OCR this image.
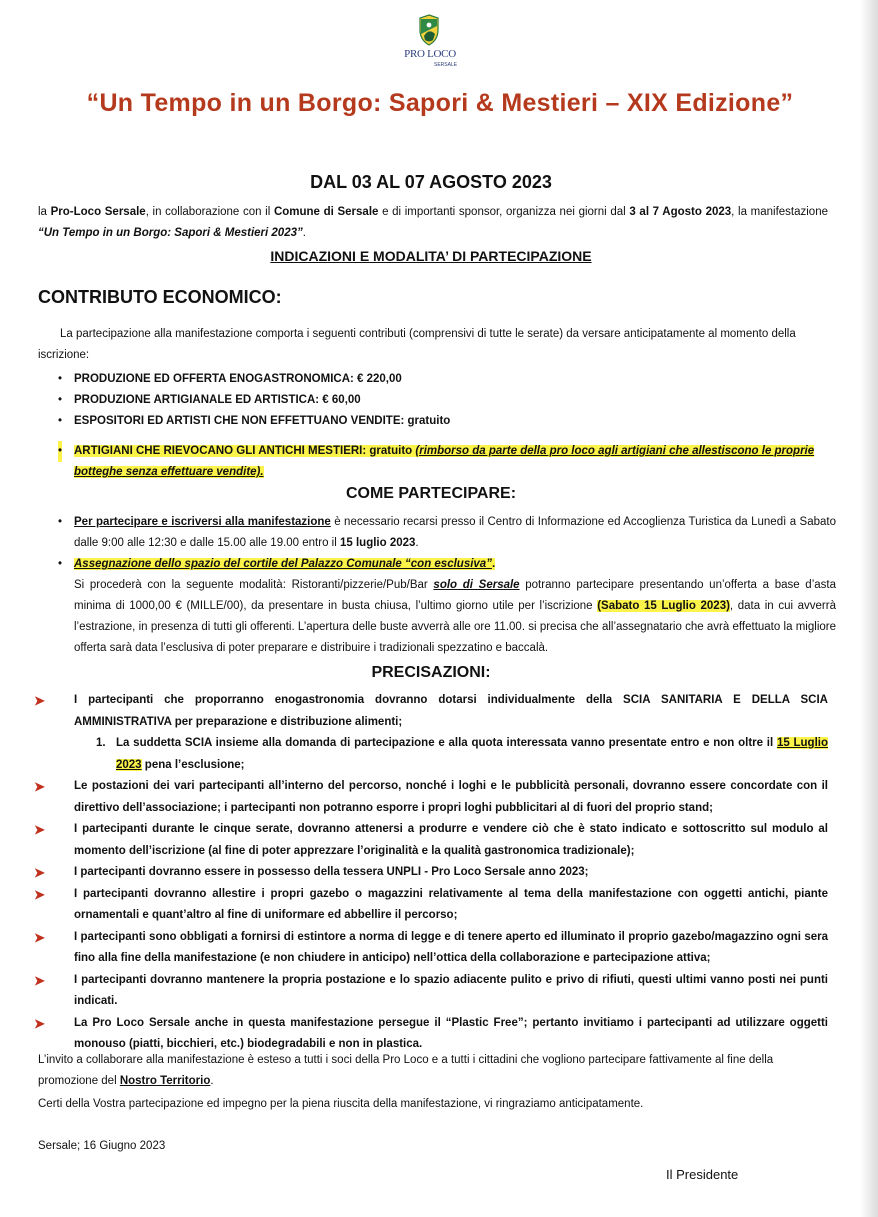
PRO LOCO
SERSALE
“Un Tempo in un Borgo: Sapori & Mestieri – XIX Edizione”
DAL 03 AL 07 AGOSTO 2023
la Pro-Loco Sersale, in collaborazione con il Comune di Sersale e di importanti sponsor, organizza nei giorni dal 3 al 7 Agosto 2023, la manifestazione “Un Tempo in un Borgo: Sapori & Mestieri 2023”.
INDICAZIONI E MODALITA’ DI PARTECIPAZIONE
CONTRIBUTO ECONOMICO:
La partecipazione alla manifestazione comporta i seguenti contributi (comprensivi di tutte le serate) da versare anticipatamente al momento della iscrizione:
• PRODUZIONE ED OFFERTA ENOGASTRONOMICA: € 220,00
• PRODUZIONE ARTIGIANALE ED ARTISTICA: € 60,00
• ESPOSITORI ED ARTISTI CHE NON EFFETTUANO VENDITE: gratuito
• ARTIGIANI CHE RIEVOCANO GLI ANTICHI MESTIERI: gratuito (rimborso da parte della pro loco agli artigiani che allestiscono le proprie botteghe senza effettuare vendite).
COME PARTECIPARE:
• Per partecipare e iscriversi alla manifestazione è necessario recarsi presso il Centro di Informazione ed Accoglienza Turistica da Lunedì a Sabato dalle 9:00 alle 12:30 e dalle 15.00 alle 19.00 entro il 15 luglio 2023.
• Assegnazione dello spazio del cortile del Palazzo Comunale “con esclusiva”.
Si procederà con la seguente modalità: Ristoranti/pizzerie/Pub/Bar solo di Sersale potranno partecipare presentando un’offerta a base d’asta minima di 1000,00 € (MILLE/00), da presentare in busta chiusa, l’ultimo giorno utile per l’iscrizione (Sabato 15 Luglio 2023), data in cui avverrà l’estrazione, in presenza di tutti gli offerenti. L’apertura delle buste avverrà alle ore 11.00. si precisa che all’assegnatario che avrà effettuato la migliore offerta sarà data l’esclusiva di poter preparare e distribuire i tradizionali spezzatino e baccalà.
PRECISAZIONI:
➤	I partecipanti che proporranno enogastronomia dovranno dotarsi individualmente della SCIA SANITARIA E DELLA SCIA AMMINISTRATIVA per preparazione e distribuzione alimenti;
1. La suddetta SCIA insieme alla domanda di partecipazione e alla quota interessata vanno presentate entro e non oltre il 15 Luglio 2023 pena l’esclusione;
➤	Le postazioni dei vari partecipanti all’interno del percorso, nonché i loghi e le pubblicità personali, dovranno essere concordate con il direttivo dell’associazione; i partecipanti non potranno esporre i propri loghi pubblicitari al di fuori del proprio stand;
➤	I partecipanti durante le cinque serate, dovranno attenersi a produrre e vendere ciò che è stato indicato e sottoscritto sul modulo al momento dell’iscrizione (al fine di poter apprezzare l’originalità e la qualità gastronomica tradizionale);
➤	I partecipanti dovranno essere in possesso della tessera UNPLI - Pro Loco Sersale anno 2023;
➤	I partecipanti dovranno allestire i propri gazebo o magazzini relativamente al tema della manifestazione con oggetti antichi, piante ornamentali e quant’altro al fine di uniformare ed abbellire il percorso;
➤	I partecipanti sono obbligati a fornirsi di estintore a norma di legge e di tenere aperto ed illuminato il proprio gazebo/magazzino ogni sera fino alla fine della manifestazione (e non chiudere in anticipo) nell’ottica della collaborazione e partecipazione attiva;
➤	I partecipanti dovranno mantenere la propria postazione e lo spazio adiacente pulito e privo di rifiuti, questi ultimi vanno posti nei punti indicati.
➤	La Pro Loco Sersale anche in questa manifestazione persegue il “Plastic Free”; pertanto invitiamo i partecipanti ad utilizzare oggetti monouso (piatti, bicchieri, etc.) biodegradabili e non in plastica.
L’invito a collaborare alla manifestazione è esteso a tutti i soci della Pro Loco e a tutti i cittadini che vogliono partecipare fattivamente al fine della promozione del Nostro Territorio.
Certi della Vostra partecipazione ed impegno per la piena riuscita della manifestazione, vi ringraziamo anticipatamente.
Sersale; 16 Giugno 2023
Il Presidente
